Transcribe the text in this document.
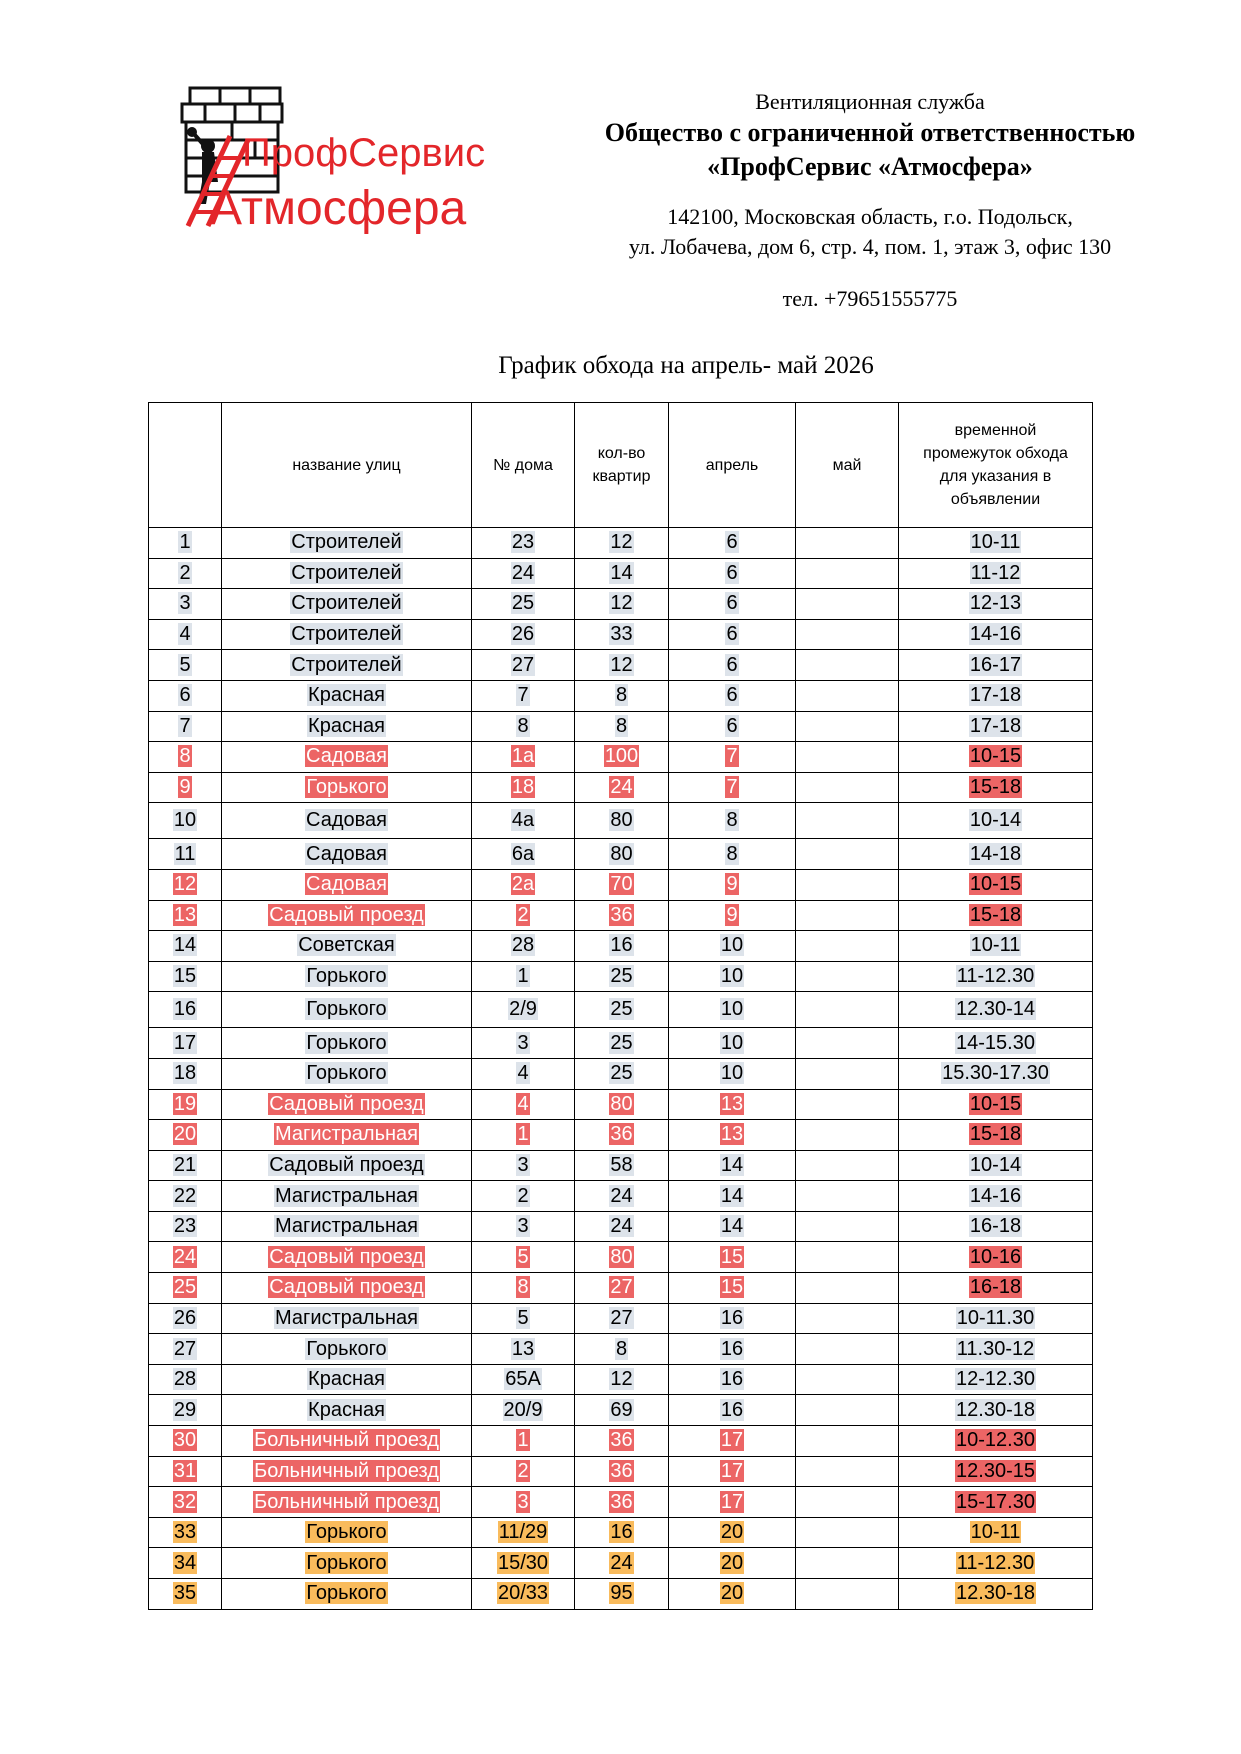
ПрофСервис
Атмосфера
Вентиляционная служба
Общество с ограниченной ответственностью
«ПрофСервис «Атмосфера»
142100, Московская область, г.о. Подольск,
ул. Лобачева, дом 6, стр. 4, пом. 1, этаж 3, офис 130
тел. +79651555775
График обхода на апрель- май 2026
	название улиц	№ дома	кол-во квартир	апрель	май	временной промежуток обхода для указания в объявлении

1	Строителей	23	12	6		10-11
2	Строителей	24	14	6		11-12
3	Строителей	25	12	6		12-13
4	Строителей	26	33	6		14-16
5	Строителей	27	12	6		16-17
6	Красная	7	8	6		17-18
7	Красная	8	8	6		17-18
8	Садовая	1а	100	7		10-15
9	Горького	18	24	7		15-18
10	Садовая	4а	80	8		10-14
11	Садовая	6а	80	8		14-18
12	Садовая	2а	70	9		10-15
13	Садовый проезд	2	36	9		15-18
14	Советская	28	16	10		10-11
15	Горького	1	25	10		11-12.30
16	Горького	2/9	25	10		12.30-14
17	Горького	3	25	10		14-15.30
18	Горького	4	25	10		15.30-17.30
19	Садовый проезд	4	80	13		10-15
20	Магистральная	1	36	13		15-18
21	Садовый проезд	3	58	14		10-14
22	Магистральная	2	24	14		14-16
23	Магистральная	3	24	14		16-18
24	Садовый проезд	5	80	15		10-16
25	Садовый проезд	8	27	15		16-18
26	Магистральная	5	27	16		10-11.30
27	Горького	13	8	16		11.30-12
28	Красная	65А	12	16		12-12.30
29	Красная	20/9	69	16		12.30-18
30	Больничный проезд	1	36	17		10-12.30
31	Больничный проезд	2	36	17		12.30-15
32	Больничный проезд	3	36	17		15-17.30
33	Горького	11/29	16	20		10-11
34	Горького	15/30	24	20		11-12.30
35	Горького	20/33	95	20		12.30-18
